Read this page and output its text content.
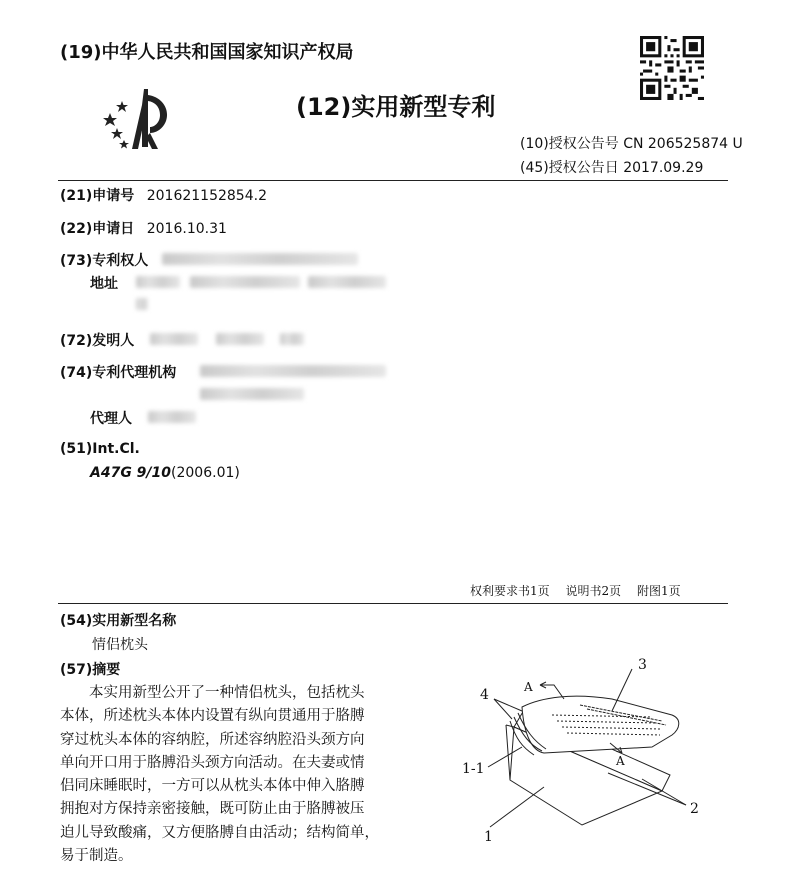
(19)中华人民共和国国家知识产权局
(12)实用新型专利
(10)授权公告号 CN 206525874 U
(45)授权公告日 2017.09.29
(21)申请号 201621152854.2
(22)申请日 2016.10.31
(73)专利权人
地址
(72)发明人
(74)专利代理机构
代理人
(51)Int.Cl.
A47G 9/10(2006.01)
权利要求书1页 说明书2页 附图1页
(54)实用新型名称
情侣枕头
(57)摘要
本实用新型公开了一种情侣枕头，包括枕头
本体，所述枕头本体内设置有纵向贯通用于胳膊
穿过枕头本体的容纳腔，所述容纳腔沿头颈方向
单向开口用于胳膊沿头颈方向活动。在夫妻或情
侣同床睡眠时，一方可以从枕头本体中伸入胳膊
拥抱对方保持亲密接触，既可防止由于胳膊被压
迫儿导致酸痛，又方便胳膊自由活动；结构简单，
易于制造。
3
4
1-1
1
2
A
A
